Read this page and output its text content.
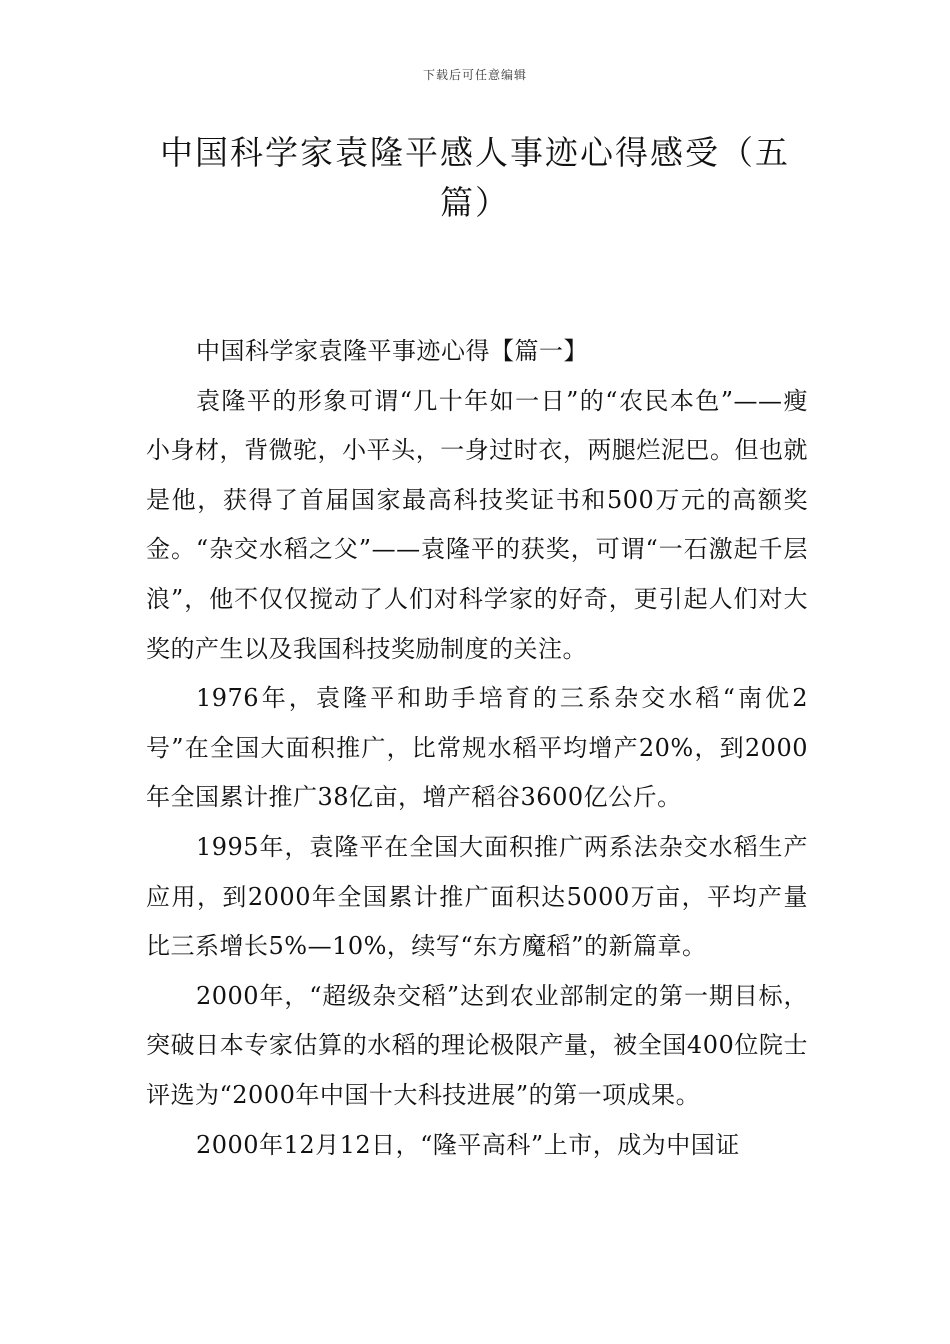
下载后可任意编辑
中国科学家袁隆平感人事迹心得感受（五篇）

中国科学家袁隆平事迹心得【篇一】

袁隆平的形象可谓“几十年如一日”的“农民本色”——瘦小身材，背微驼，小平头，一身过时衣，两腿烂泥巴。但也就是他，获得了首届国家最高科技奖证书和500万元的高额奖金。“杂交水稻之父”——袁隆平的获奖，可谓“一石激起千层浪”，他不仅仅搅动了人们对科学家的好奇，更引起人们对大奖的产生以及我国科技奖励制度的关注。

1976年，袁隆平和助手培育的三系杂交水稻“南优2号”在全国大面积推广，比常规水稻平均增产20%，到2000年全国累计推广38亿亩，增产稻谷3600亿公斤。

1995年，袁隆平在全国大面积推广两系法杂交水稻生产应用，到2000年全国累计推广面积达5000万亩，平均产量比三系增长5%—10%，续写“东方魔稻”的新篇章。

2000年，“超级杂交稻”达到农业部制定的第一期目标，突破日本专家估算的水稻的理论极限产量，被全国400位院士评选为“2000年中国十大科技进展”的第一项成果。

2000年12月12日，“隆平高科”上市，成为中国证
